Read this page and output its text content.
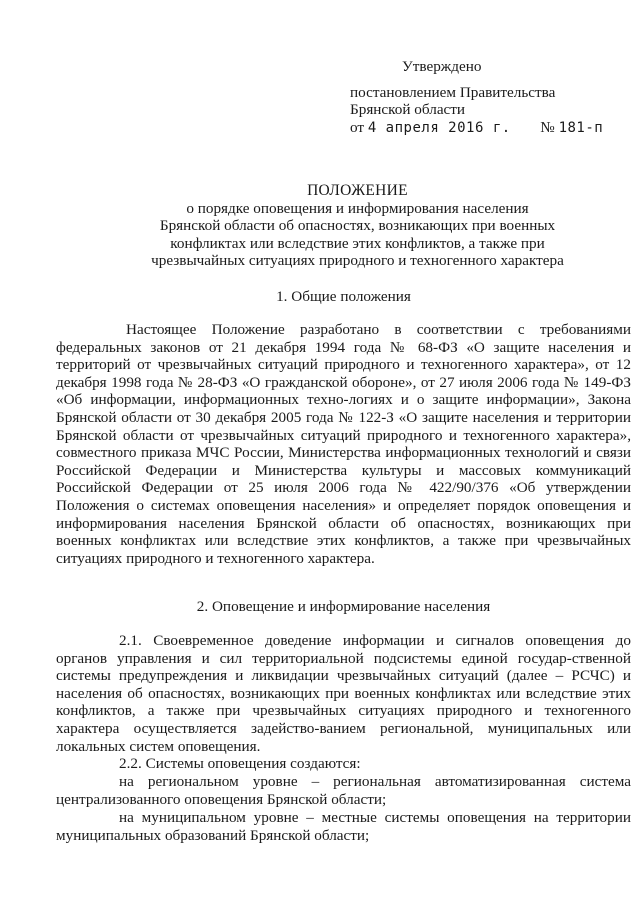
Утверждено
постановлением Правительства
Брянской области
от 4 апреля 2016 г. № 181-п
ПОЛОЖЕНИЕ
о порядке оповещения и информирования населения
Брянской области об опасностях, возникающих при военных
конфликтах или вследствие этих конфликтов, а также при
чрезвычайных ситуациях природного и техногенного характера
1. Общие положения
Настоящее Положение разработано в соответствии с требованиями федеральных законов от 21 декабря 1994 года № 68-ФЗ «О защите населения и территорий от чрезвычайных ситуаций природного и техногенного характера», от 12 декабря 1998 года № 28-ФЗ «О гражданской обороне», от 27 июля 2006 года № 149-ФЗ «Об информации, информационных техно-логиях и о защите информации», Закона Брянской области от 30 декабря 2005 года № 122-З «О защите населения и территории Брянской области от чрезвычайных ситуаций природного и техногенного характера», совместного приказа МЧС России, Министерства информационных технологий и связи Российской Федерации и Министерства культуры и массовых коммуникаций Российской Федерации от 25 июля 2006 года № 422/90/376 «Об утверждении Положения о системах оповещения населения» и определяет порядок оповещения и информирования населения Брянской области об опасностях, возникающих при военных конфликтах или вследствие этих конфликтов, а также при чрезвычайных ситуациях природного и техногенного характера.
2. Оповещение и информирование населения
2.1. Своевременное доведение информации и сигналов оповещения до органов управления и сил территориальной подсистемы единой государ-ственной системы предупреждения и ликвидации чрезвычайных ситуаций (далее – РСЧС) и населения об опасностях, возникающих при военных конфликтах или вследствие этих конфликтов, а также при чрезвычайных ситуациях природного и техногенного характера осуществляется задейство-ванием региональной, муниципальных или локальных систем оповещения.
2.2. Системы оповещения создаются:
на региональном уровне – региональная автоматизированная система централизованного оповещения Брянской области;
на муниципальном уровне – местные системы оповещения на территории муниципальных образований Брянской области;
